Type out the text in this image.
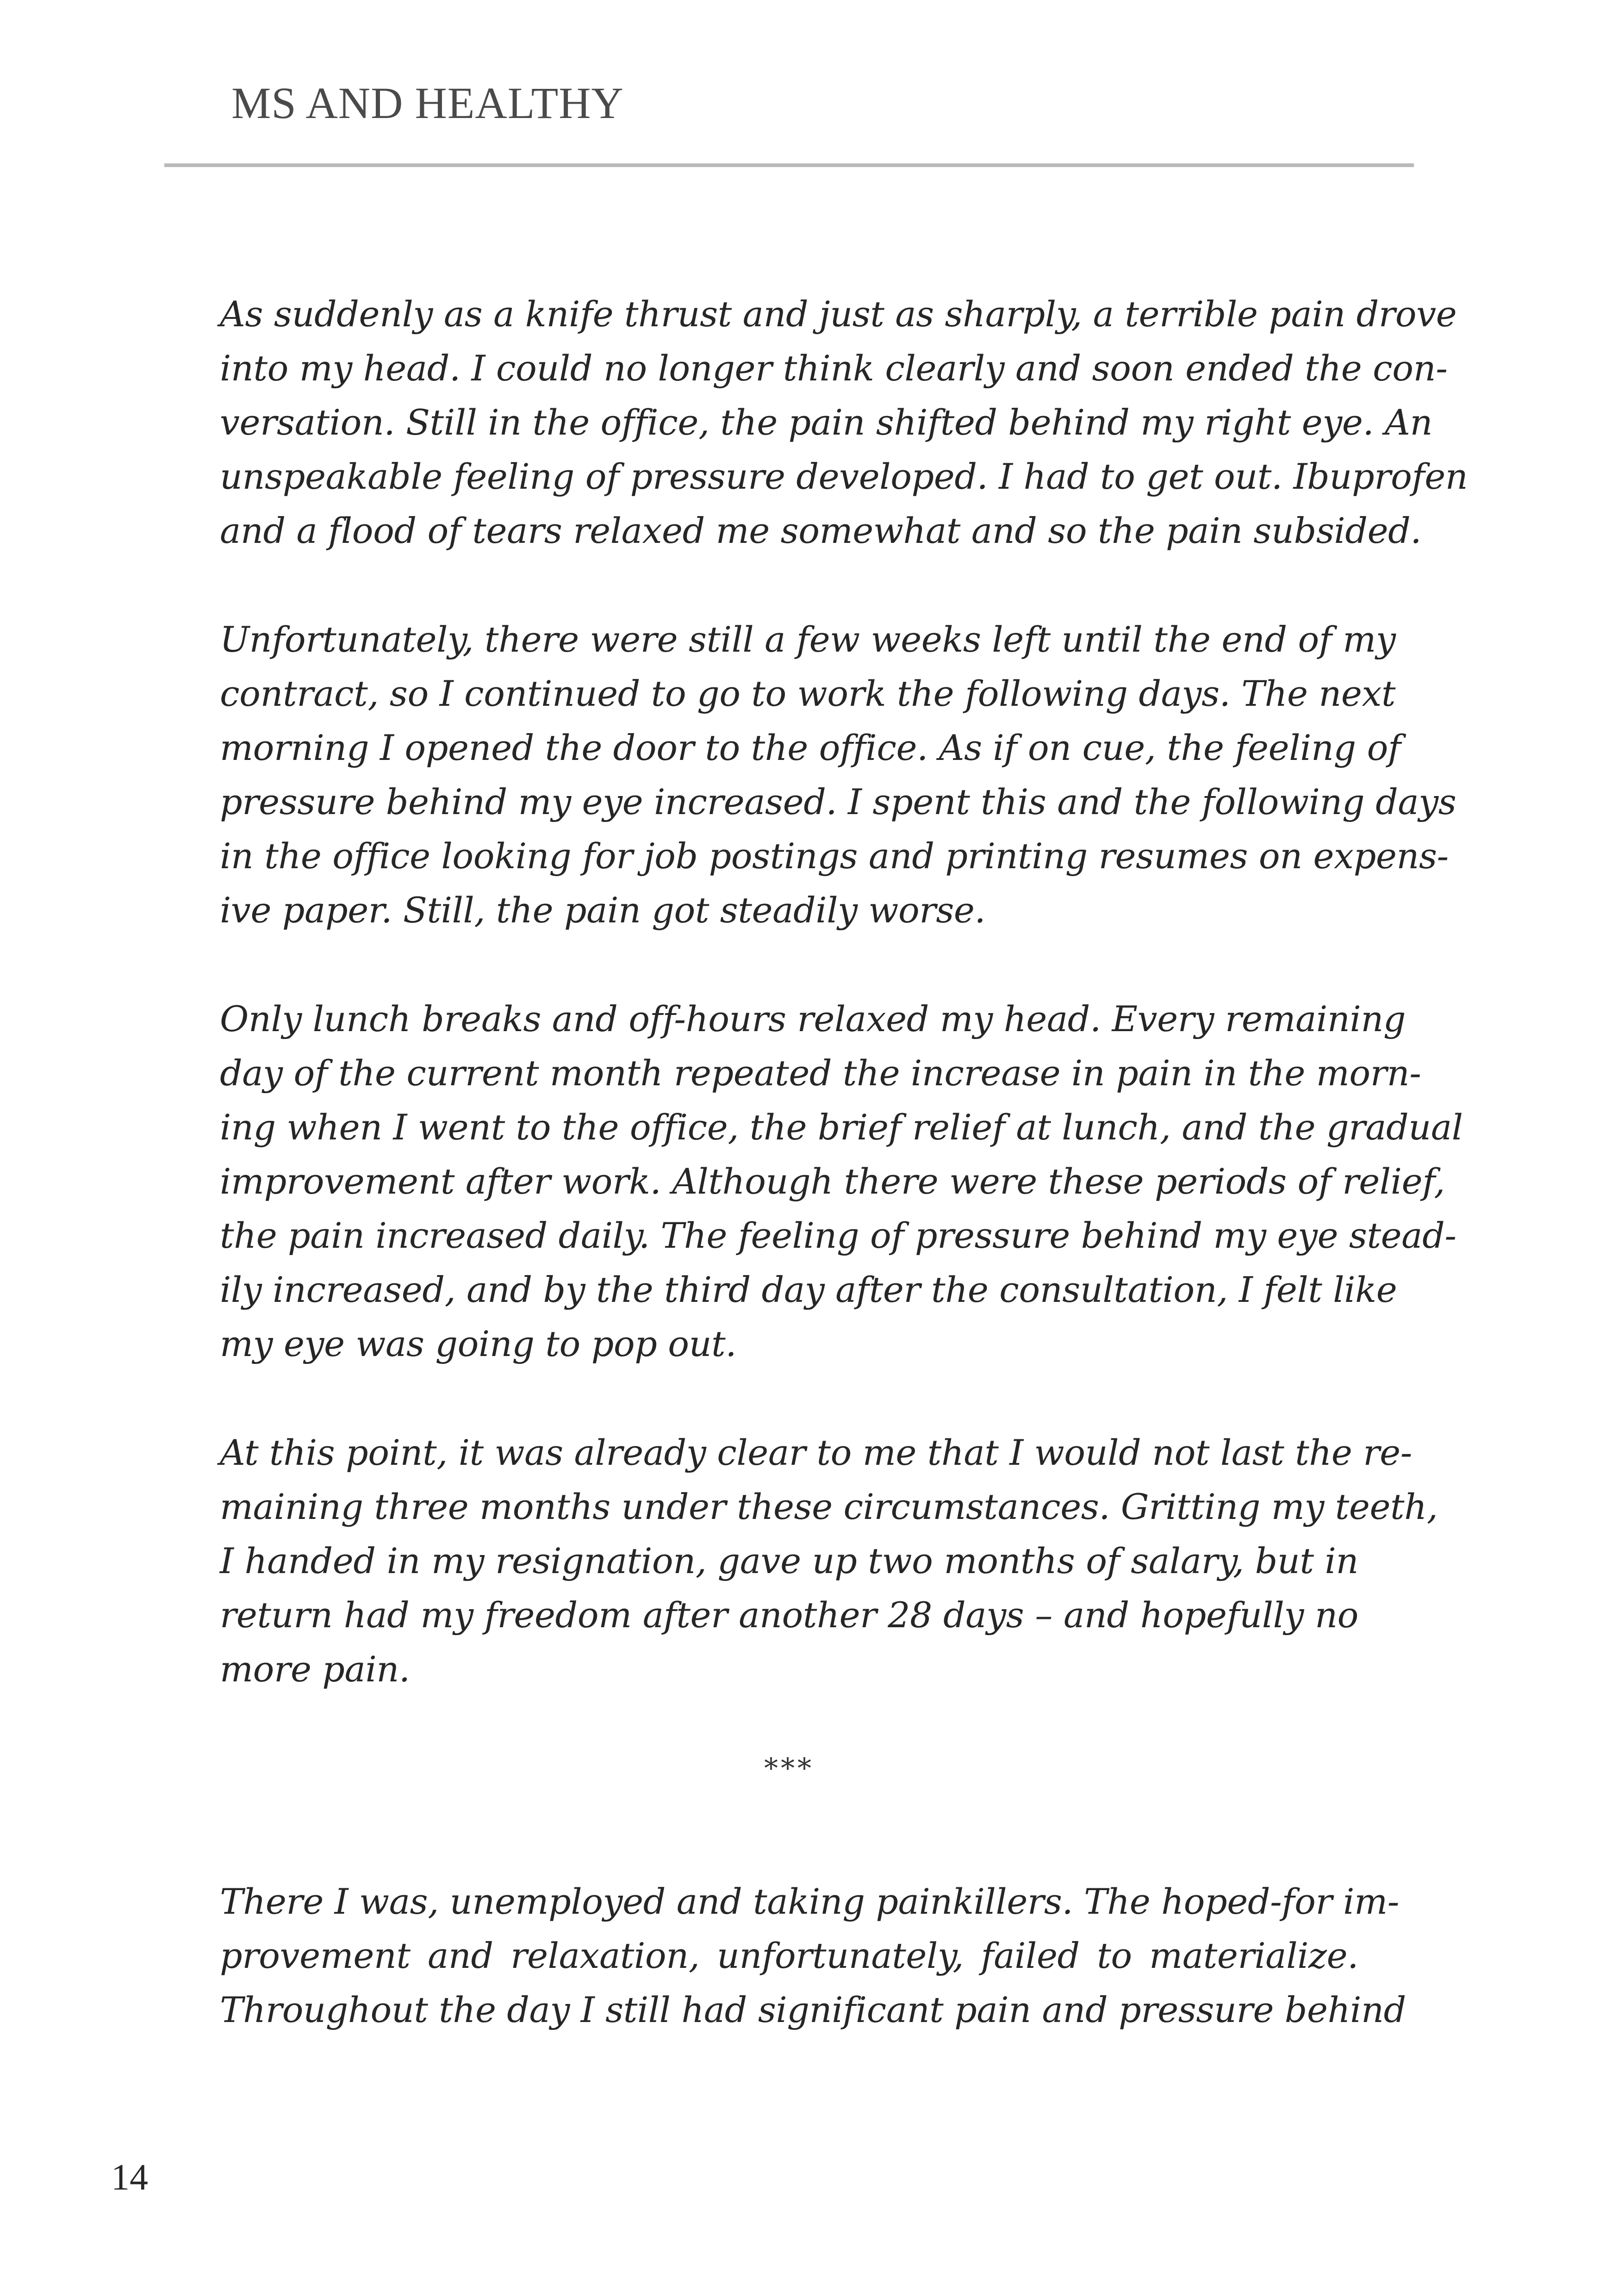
MS AND HEALTHY
As suddenly as a knife thrust and just as sharply, a terrible pain drove
into my head. I could no longer think clearly and soon ended the con-
versation. Still in the office, the pain shifted behind my right eye. An
unspeakable feeling of pressure developed. I had to get out. Ibuprofen
and a flood of tears relaxed me somewhat and so the pain subsided.
Unfortunately, there were still a few weeks left until the end of my
contract, so I continued to go to work the following days. The next
morning I opened the door to the office. As if on cue, the feeling of
pressure behind my eye increased. I spent this and the following days
in the office looking for job postings and printing resumes on expens-
ive paper. Still, the pain got steadily worse.
Only lunch breaks and off-hours relaxed my head. Every remaining
day of the current month repeated the increase in pain in the morn-
ing when I went to the office, the brief relief at lunch, and the gradual
improvement after work. Although there were these periods of relief,
the pain increased daily. The feeling of pressure behind my eye stead-
ily increased, and by the third day after the consultation, I felt like
my eye was going to pop out.
At this point, it was already clear to me that I would not last the re-
maining three months under these circumstances. Gritting my teeth,
I handed in my resignation, gave up two months of salary, but in
return had my freedom after another 28 days – and hopefully no
more pain.
***
There I was, unemployed and taking painkillers. The hoped-for im-
provement and relaxation, unfortunately, failed to materialize.
Throughout the day I still had significant pain and pressure behind
14
